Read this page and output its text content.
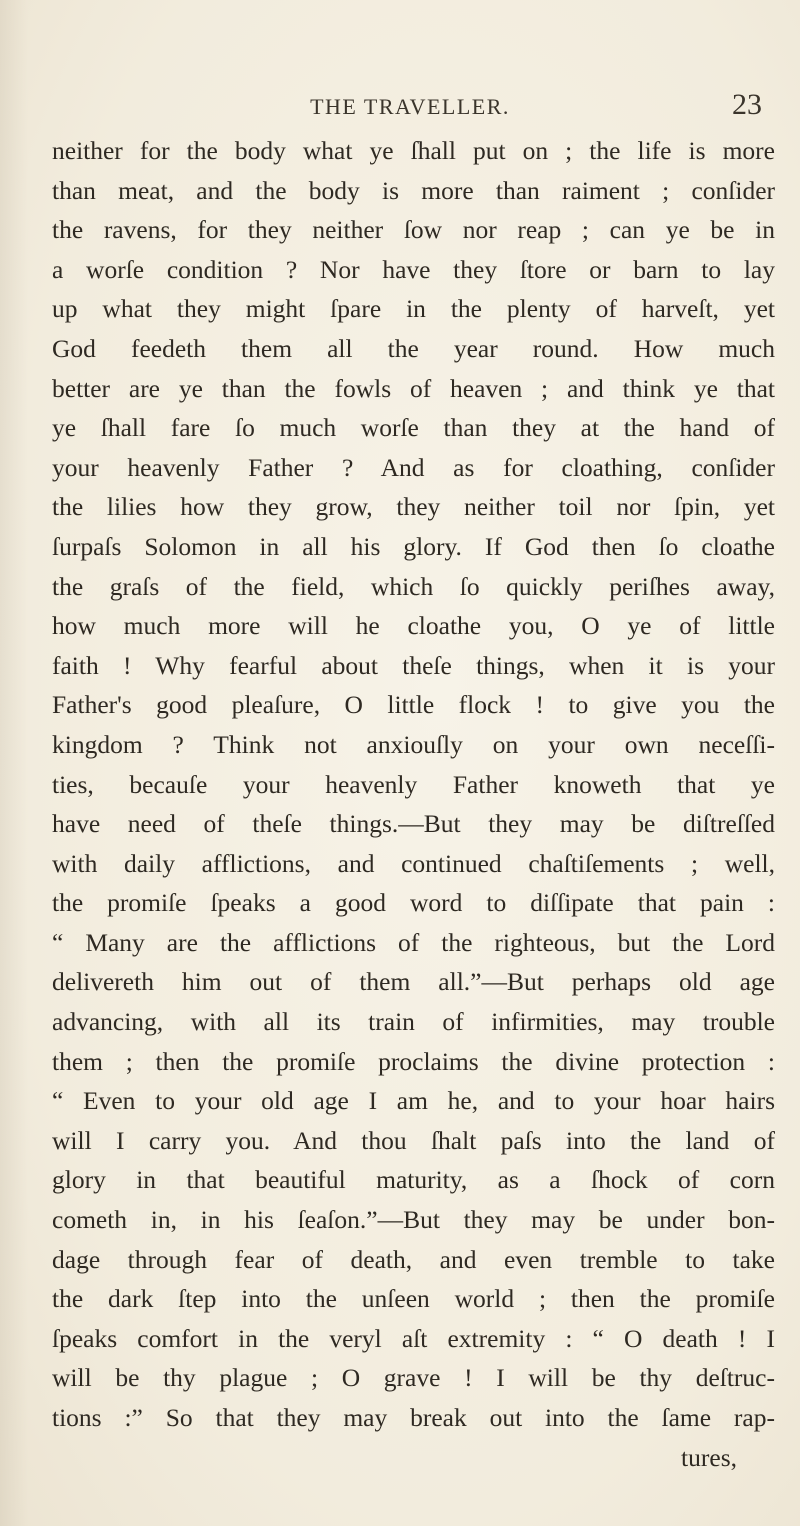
THE TRAVELLER.	23
neither for the body what ye ſhall put on ; the life is more
than meat, and the body is more than raiment ; conſider
the ravens, for they neither ſow nor reap ; can ye be in
a worſe condition ? Nor have they ſtore or barn to lay
up what they might ſpare in the plenty of harveſt, yet
God feedeth them all the year round. How much
better are ye than the fowls of heaven ; and think ye that
ye ſhall fare ſo much worſe than they at the hand of
your heavenly Father ? And as for cloathing, conſider
the lilies how they grow, they neither toil nor ſpin, yet
ſurpaſs Solomon in all his glory. If God then ſo cloathe
the graſs of the field, which ſo quickly periſhes away,
how much more will he cloathe you, O ye of little
faith ! Why fearful about theſe things, when it is your
Father's good pleaſure, O little flock ! to give you the
kingdom ? Think not anxiouſly on your own neceſſi-
ties, becauſe your heavenly Father knoweth that ye
have need of theſe things.—But they may be diſtreſſed
with daily afflictions, and continued chaſtiſements ; well,
the promiſe ſpeaks a good word to diſſipate that pain :
“ Many are the afflictions of the righteous, but the Lord
delivereth him out of them all.”—But perhaps old age
advancing, with all its train of infirmities, may trouble
them ; then the promiſe proclaims the divine protection :
“ Even to your old age I am he, and to your hoar hairs
will I carry you. And thou ſhalt paſs into the land of
glory in that beautiful maturity, as a ſhock of corn
cometh in, in his ſeaſon.”—But they may be under bon-
dage through fear of death, and even tremble to take
the dark ſtep into the unſeen world ; then the promiſe
ſpeaks comfort in the veryl aſt extremity : “ O death ! I
will be thy plague ; O grave ! I will be thy deſtruc-
tions :” So that they may break out into the ſame rap-
tures,
